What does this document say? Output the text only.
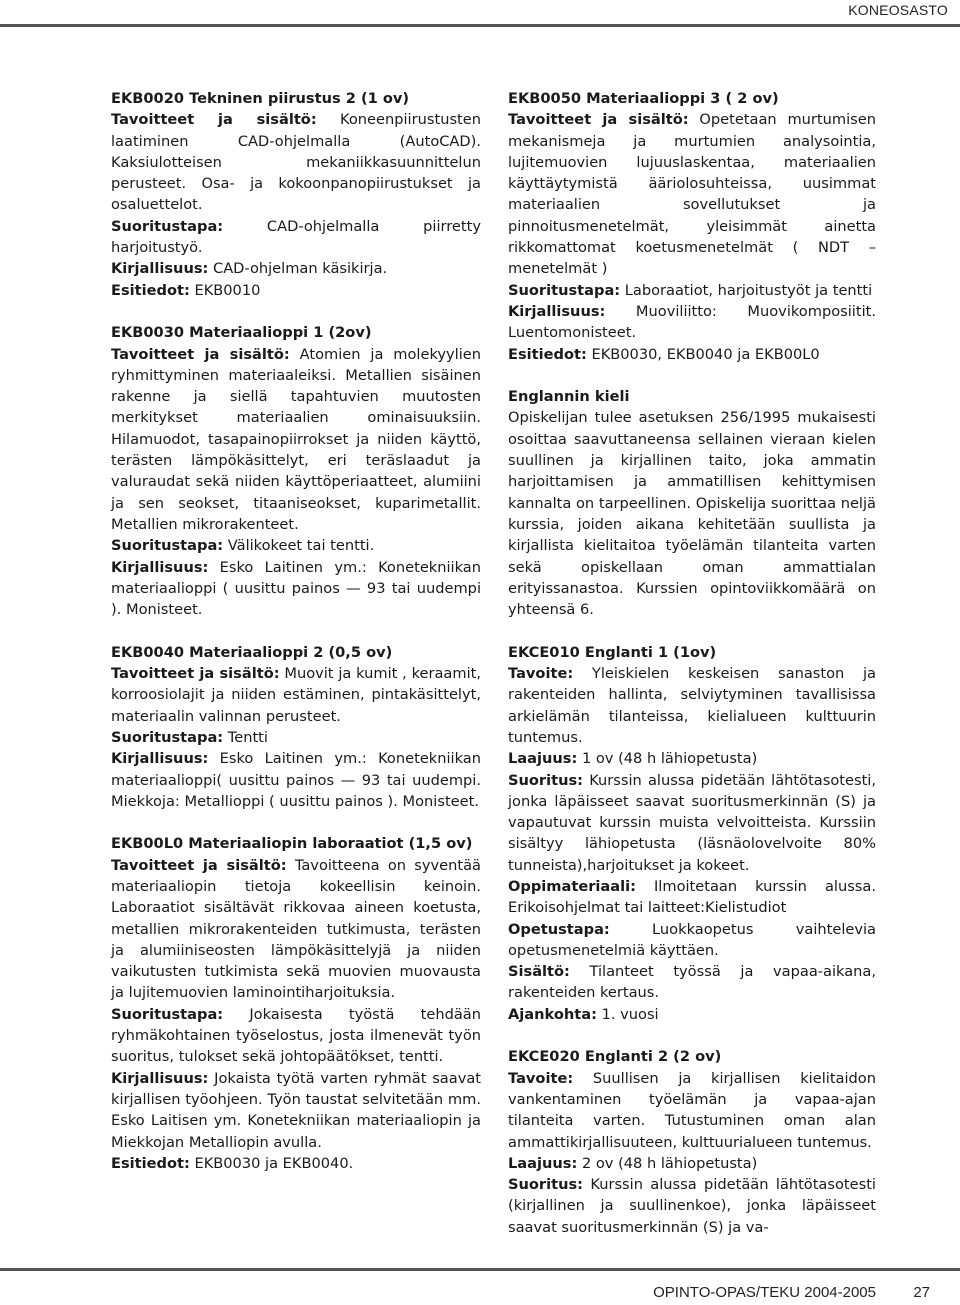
KONEOSASTO
EKB0020 Tekninen piirustus 2 (1 ov)

Tavoitteet ja sisältö: Koneenpiirustusten laatiminen CAD-ohjelmalla (AutoCAD). Kaksiulotteisen mekaniikkasuunnittelun perusteet. Osa- ja kokoonpanopiirustukset ja osaluettelot.

Suoritustapa: CAD-ohjelmalla piirretty harjoitustyö.

Kirjallisuus: CAD-ohjelman käsikirja.

Esitiedot: EKB0010

EKB0030 Materiaalioppi 1 (2ov)

Tavoitteet ja sisältö: Atomien ja molekyylien ryhmittyminen materiaaleiksi. Metallien sisäinen rakenne ja siellä tapahtuvien muutosten merkitykset materiaalien ominaisuuksiin. Hilamuodot, tasapainopiirrokset ja niiden käyttö, terästen lämpökäsittelyt, eri teräslaadut ja valuraudat sekä niiden käyttöperiaatteet, alumiini ja sen seokset, titaaniseokset, kuparimetallit. Metallien mikrorakenteet.

Suoritustapa: Välikokeet tai tentti.

Kirjallisuus: Esko Laitinen ym.: Konetekniikan materiaalioppi ( uusittu painos — 93 tai uudempi ). Monisteet.

EKB0040 Materiaalioppi 2 (0,5 ov)

Tavoitteet ja sisältö: Muovit ja kumit , keraamit, korroosiolajit ja niiden estäminen, pintakäsittelyt, materiaalin valinnan perusteet.

Suoritustapa: Tentti

Kirjallisuus: Esko Laitinen ym.: Konetekniikan materiaalioppi( uusittu painos — 93 tai uudempi. Miekkoja: Metallioppi ( uusittu painos ). Monisteet.

EKB00L0 Materiaaliopin laboraatiot (1,5 ov)

Tavoitteet ja sisältö: Tavoitteena on syventää materiaaliopin tietoja kokeellisin keinoin. Laboraatiot sisältävät rikkovaa aineen koetusta, metallien mikrorakenteiden tutkimusta, terästen ja alumiiniseosten lämpökäsittelyjä ja niiden vaikutusten tutkimista sekä muovien muovausta ja lujitemuovien laminointiharjoituksia.

Suoritustapa: Jokaisesta työstä tehdään ryhmäkohtainen työselostus, josta ilmenevät työn suoritus, tulokset sekä johtopäätökset, tentti.

Kirjallisuus: Jokaista työtä varten ryhmät saavat kirjallisen työohjeen. Työn taustat selvitetään mm. Esko Laitisen ym. Konetekniikan materiaaliopin ja Miekkojan Metalliopin avulla.

Esitiedot: EKB0030 ja EKB0040.

EKB0050 Materiaalioppi 3 ( 2 ov)

Tavoitteet ja sisältö: Opetetaan murtumisen mekanismeja ja murtumien analysointia, lujitemuovien lujuuslaskentaa, materiaalien käyttäytymistä ääriolosuhteissa, uusimmat materiaalien sovellutukset ja pinnoitusmenetelmät, yleisimmät ainetta rikkomattomat koetusmenetelmät ( NDT – menetelmät )

Suoritustapa: Laboraatiot, harjoitustyöt ja tentti

Kirjallisuus: Muoviliitto: Muovikomposiitit. Luentomonisteet.

Esitiedot: EKB0030, EKB0040 ja EKB00L0

Englannin kieli

Opiskelijan tulee asetuksen 256/1995 mukaisesti osoittaa saavuttaneensa sellainen vieraan kielen suullinen ja kirjallinen taito, joka ammatin harjoittamisen ja ammatillisen kehittymisen kannalta on tarpeellinen. Opiskelija suorittaa neljä kurssia, joiden aikana kehitetään suullista ja kirjallista kielitaitoa työelämän tilanteita varten sekä opiskellaan oman ammattialan erityissanastoa. Kurssien opintoviikkomäärä on yhteensä 6.

EKCE010 Englanti 1 (1ov)

Tavoite: Yleiskielen keskeisen sanaston ja rakenteiden hallinta, selviytyminen tavallisissa arkielämän tilanteissa, kielialueen kulttuurin tuntemus.

Laajuus: 1 ov (48 h lähiopetusta)

Suoritus: Kurssin alussa pidetään lähtötasotesti, jonka läpäisseet saavat suoritusmerkinnän (S) ja vapautuvat kurssin muista velvoitteista. Kurssiin sisältyy lähiopetusta (läsnäolovelvoite 80% tunneista),harjoitukset ja kokeet.

Oppimateriaali: Ilmoitetaan kurssin alussa. Erikoisohjelmat tai laitteet:Kielistudiot

Opetustapa: Luokkaopetus vaihtelevia opetusmenetelmiä käyttäen.

Sisältö: Tilanteet työssä ja vapaa-aikana, rakenteiden kertaus.

Ajankohta: 1. vuosi

EKCE020 Englanti 2 (2 ov)

Tavoite: Suullisen ja kirjallisen kielitaidon vankentaminen työelämän ja vapaa-ajan tilanteita varten. Tutustuminen oman alan ammattikirjallisuuteen, kulttuurialueen tuntemus.

Laajuus: 2 ov (48 h lähiopetusta)

Suoritus: Kurssin alussa pidetään lähtötasotesti (kirjallinen ja suullinenkoe), jonka läpäisseet saavat suoritusmerkinnän (S) ja va-

OPINTO-OPAS/TEKU 2004-2005 27
